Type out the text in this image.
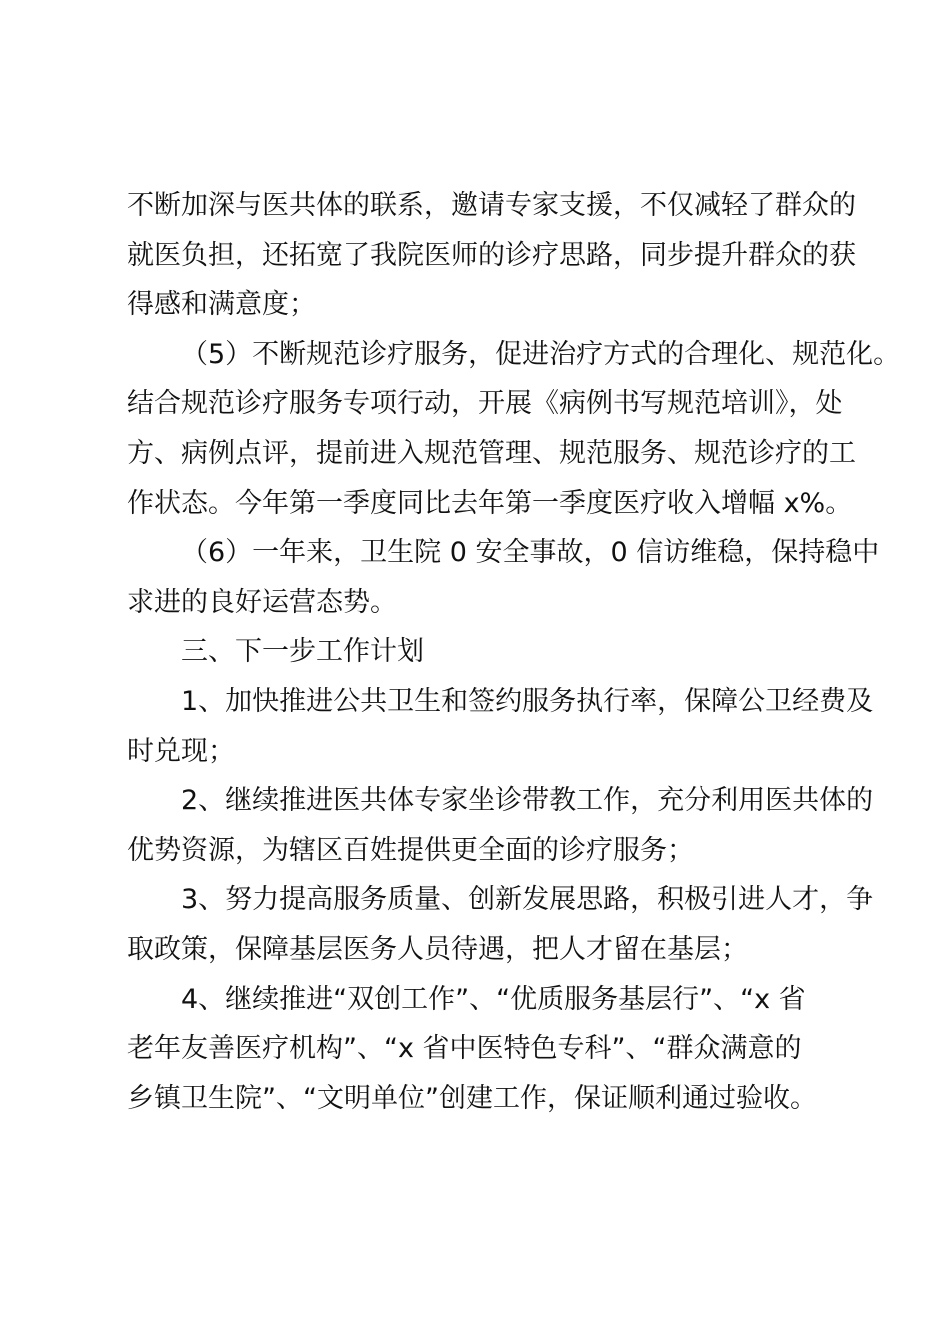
不断加深与医共体的联系，邀请专家支援，不仅减轻了群众的
就医负担，还拓宽了我院医师的诊疗思路，同步提升群众的获
得感和满意度；
（5）不断规范诊疗服务，促进治疗方式的合理化、规范化。
结合规范诊疗服务专项行动，开展《病例书写规范培训》，处
方、病例点评，提前进入规范管理、规范服务、规范诊疗的工
作状态。今年第一季度同比去年第一季度医疗收入增幅 x%。
（6）一年来，卫生院 0 安全事故，0 信访维稳，保持稳中
求进的良好运营态势。
三、下一步工作计划
1、加快推进公共卫生和签约服务执行率，保障公卫经费及
时兑现；
2、继续推进医共体专家坐诊带教工作，充分利用医共体的
优势资源，为辖区百姓提供更全面的诊疗服务；
3、努力提高服务质量、创新发展思路，积极引进人才，争
取政策，保障基层医务人员待遇，把人才留在基层；
4、继续推进“双创工作”、“优质服务基层行”、“x 省
老年友善医疗机构”、“x 省中医特色专科”、“群众满意的
乡镇卫生院”、“文明单位”创建工作，保证顺利通过验收。
